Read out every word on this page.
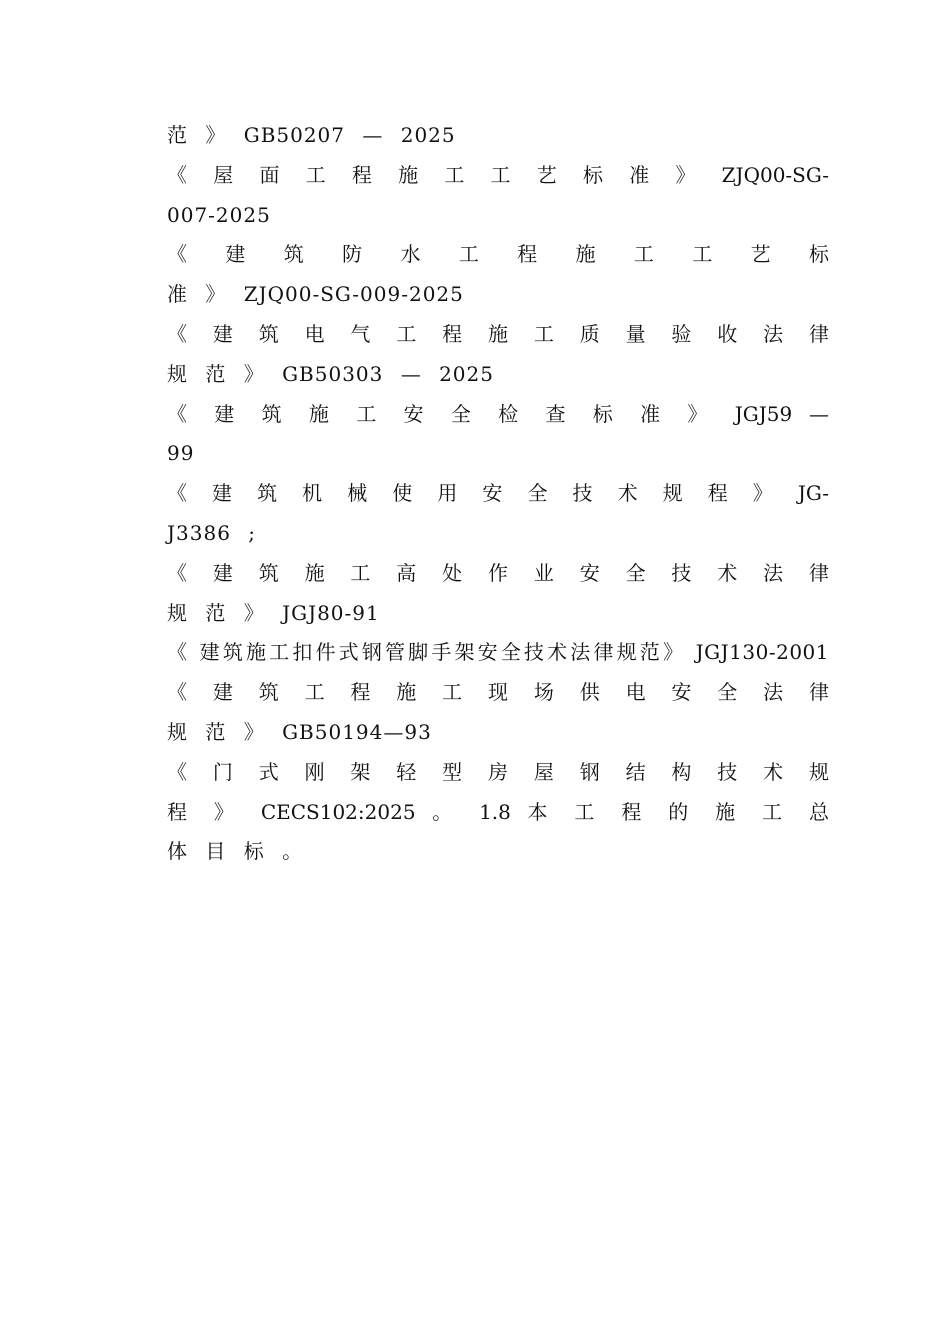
范 》 GB50207 — 2025
《 屋 面 工 程 施 工 工 艺 标 准 》 ZJQ00-SG-
007-2025
《 建 筑 防 水 工 程 施 工 工 艺 标
准 》 ZJQ00-SG-009-2025
《 建 筑 电 气 工 程 施 工 质 量 验 收 法 律
规 范 》 GB50303 — 2025
《 建 筑 施 工 安 全 检 查 标 准 》 JGJ59 —
99
《 建 筑 机 械 使 用 安 全 技 术 规 程 》 JG-
J3386 ;
《 建 筑 施 工 高 处 作 业 安 全 技 术 法 律
规 范 》 JGJ80-91
《 建筑施工扣件式钢管脚手架安全技术法律规范》 JGJ130-2001
《 建 筑 工 程 施 工 现 场 供 电 安 全 法 律
规 范 》 GB50194—93
《 门 式 刚 架 轻 型 房 屋 钢 结 构 技 术 规
程 》 CECS102:2025 。 1.8 本 工 程 的 施 工 总
体 目 标 。
